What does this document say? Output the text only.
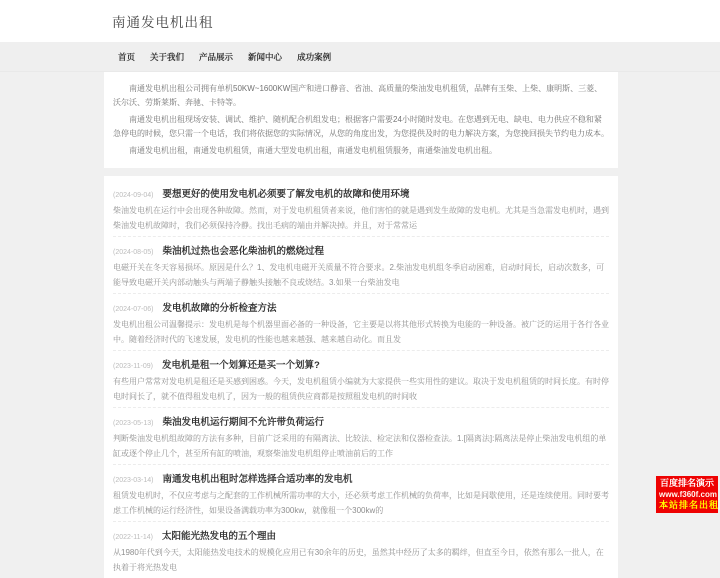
南通发电机出租
首页 关于我们 产品展示 新闻中心 成功案例

南通发电机出租公司拥有单机50KW~1600KW国产和进口静音、省油、高质量的柴油发电机租赁，品牌有玉柴、上柴、康明斯、三菱、沃尔沃、劳斯莱斯、奔驰、卡特等。

南通发电机出租现场安装、调试、维护、随机配合机组发电；根据客户需要24小时随时发电。在您遇到无电、缺电、电力供应不稳和紧急停电的时候，您只需一个电话，我们将依据您的实际情况，从您的角度出发，为您提供及时的电力解决方案，为您挽回损失节约电力成本。

南通发电机出租，南通发电机租赁，南通大型发电机出租，南通发电机租赁服务，南通柴油发电机出租。

(2024-09-04) 要想更好的使用发电机必须要了解发电机的故障和使用环境
柴油发电机在运行中会出现各种故障。然而，对于发电机租赁者来说，他们害怕的就是遇到发生故障的发电机。尤其是当急需发电机时，遇到柴油发电机故障时，我们必须保持冷静。找出毛病的端由并解决掉。并且，对于常常运
(2024-08-05) 柴油机过热也会恶化柴油机的燃烧过程
电磁开关在冬天容易损坏。原因是什么？1、发电机电磁开关质量不符合要求。2.柴油发电机组冬季启动困难，启动时间长，启动次数多，可能导致电磁开关内部动触头与两端子静触头接触不良或烧结。3.如果一台柴油发电
(2024-07-06) 发电机故障的分析检查方法
发电机出租公司温馨提示：发电机是每个机器里面必备的一种设备，它主要是以将其他形式转换为电能的一种设备。被广泛的运用于各行各业中。随着经济时代的飞速发展，发电机的性能也越来越强、越来越自动化。而且发
(2023-11-09) 发电机是租一个划算还是买一个划算?
有些用户常常对发电机是租还是买感到困惑。今天，发电机租赁小编就为大家提供一些实用性的建议。取决于发电机租赁的时间长度。有时停电时间长了，就不值得租发电机了，因为一般的租赁供应商都是按照租发电机的时间收
(2023-05-13) 柴油发电机运行期间不允许带负荷运行
判断柴油发电机组故障的方法有多种，目前广泛采用的有隔离法、比较法、检定法和仪器检查法。1.[隔离法]:隔离法是停止柴油发电机组的单缸或逐个停止几个，甚至所有缸的喷油，观察柴油发电机组停止喷油前后的工作
(2023-03-14) 南通发电机出租时怎样选择合适功率的发电机
租赁发电机时，不仅应考虑与之配套的工作机械所需功率的大小，还必须考虑工作机械的负荷率，比如是间歇使用，还是连续使用。同时要考虑工作机械的运行经济性，如果设备满载功率为300kw，就像租一个300kw的
(2022-11-14) 太阳能光热发电的五个理由
从1980年代到今天，太阳能热发电技术的规模化应用已有30余年的历史，虽然其中经历了太多的羁绊，但直至今日，依然有那么一批人，在执着于将光热发电
百度排名演示
www.f360f.com
本站排名出租
